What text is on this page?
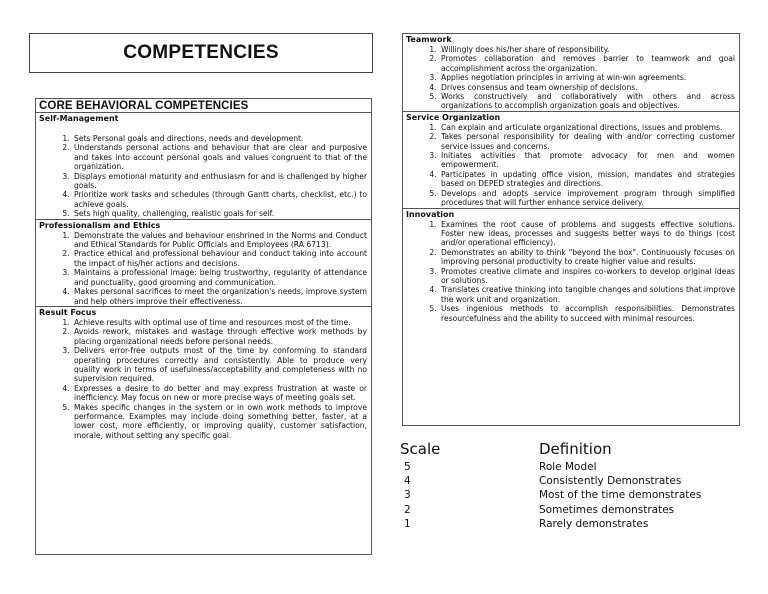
COMPETENCIES
CORE BEHAVIORAL COMPETENCIES
Self-Management
1. Sets Personal goals and directions, needs and development.
2. Understands personal actions and behaviour that are clear and purposive and takes into account personal goals and values congruent to that of the organization.
3. Displays emotional maturity and enthusiasm for and is challenged by higher goals.
4. Prioritize work tasks and schedules (through Gantt charts, checklist, etc.) to achieve goals.
5. Sets high quality, challenging, realistic goals for self.
Professionalism and Ethics
1. Demonstrate the values and behaviour enshrined in the Norms and Conduct and Ethical Standards for Public Officials and Employees (RA 6713).
2. Practice ethical and professional behaviour and conduct taking into account the impact of his/her actions and decisions.
3. Maintains a professional image: being trustworthy, regularity of attendance and punctuality, good grooming and communication.
4. Makes personal sacrifices to meet the organization's needs, improve system and help others improve their effectiveness.
Result Focus
1. Achieve results with optimal use of time and resources most of the time.
2. Avoids rework, mistakes and wastage through effective work methods by placing organizational needs before personal needs.
3. Delivers error-free outputs most of the time by conforming to standard operating procedures correctly and consistently. Able to produce very quality work in terms of usefulness/acceptability and completeness with no supervision required.
4. Expresses a desire to do better and may express frustration at waste or inefficiency. May focus on new or more precise ways of meeting goals set.
5. Makes specific changes in the system or in own work methods to improve performance. Examples may include doing something better, faster, at a lower cost, more efficiently, or improving quality, customer satisfaction, morale, without setting any specific goal.
Teamwork
1. Willingly does his/her share of responsibility.
2. Promotes collaboration and removes barrier to teamwork and goal accomplishment across the organization.
3. Applies negotiation principles in arriving at win-win agreements.
4. Drives consensus and team ownership of decisions.
5. Works constructively and collaboratively with others and across organizations to accomplish organization goals and objectives.
Service Organization
1. Can explain and articulate organizational directions, issues and problems.
2. Takes personal responsibility for dealing with and/or correcting customer service issues and concerns.
3. Initiates activities that promote advocacy for men and women empowerment.
4. Participates in updating office vision, mission, mandates and strategies based on DEPED strategies and directions.
5. Develops and adopts service improvement program through simplified procedures that will further enhance service delivery.
Innovation
1. Examines the root cause of problems and suggests effective solutions. Foster new ideas, processes and suggests better ways to do things (cost and/or operational efficiency).
2. Demonstrates an ability to think "beyond the box". Continuously focuses on improving personal productivity to create higher value and results.
3. Promotes creative climate and inspires co-workers to develop original ideas or solutions.
4. Translates creative thinking into tangible changes and solutions that improve the work unit and organization.
5. Uses ingenious methods to accomplish responsibilities. Demonstrates resourcefulness and the ability to succeed with minimal resources.
Scale	Definition
5	Role Model
4	Consistently Demonstrates
3	Most of the time demonstrates
2	Sometimes demonstrates
1	Rarely demonstrates
